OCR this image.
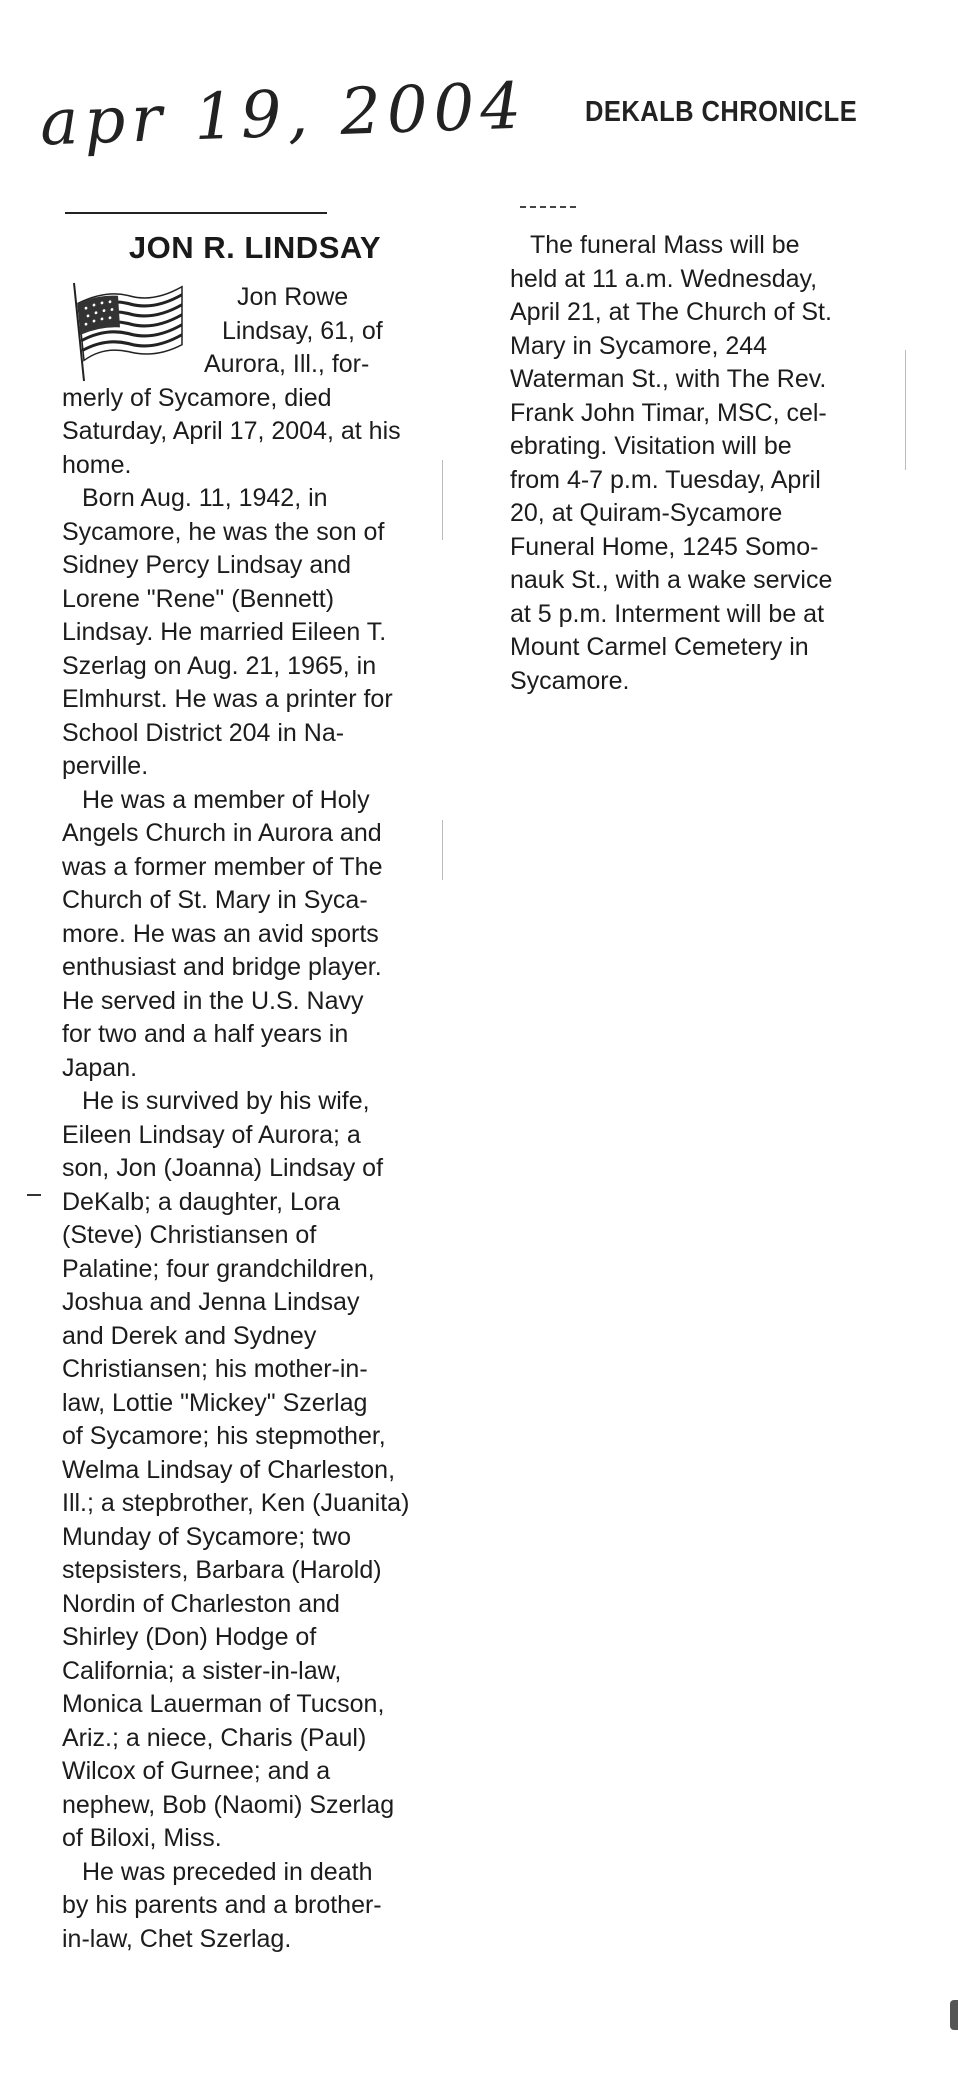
apr 19, 2004 DEKALB CHRONICLE
JON R. LINDSAY
Jon Rowe
Lindsay, 61, of
Aurora, Ill., for-
merly of Sycamore, died
Saturday, April 17, 2004, at his
home.
Born Aug. 11, 1942, in
Sycamore, he was the son of
Sidney Percy Lindsay and
Lorene "Rene" (Bennett)
Lindsay. He married Eileen T.
Szerlag on Aug. 21, 1965, in
Elmhurst. He was a printer for
School District 204 in Na-
perville.
He was a member of Holy
Angels Church in Aurora and
was a former member of The
Church of St. Mary in Syca-
more. He was an avid sports
enthusiast and bridge player.
He served in the U.S. Navy
for two and a half years in
Japan.
He is survived by his wife,
Eileen Lindsay of Aurora; a
son, Jon (Joanna) Lindsay of
DeKalb; a daughter, Lora
(Steve) Christiansen of
Palatine; four grandchildren,
Joshua and Jenna Lindsay
and Derek and Sydney
Christiansen; his mother-in-
law, Lottie "Mickey" Szerlag
of Sycamore; his stepmother,
Welma Lindsay of Charleston,
Ill.; a stepbrother, Ken (Juanita)
Munday of Sycamore; two
stepsisters, Barbara (Harold)
Nordin of Charleston and
Shirley (Don) Hodge of
California; a sister-in-law,
Monica Lauerman of Tucson,
Ariz.; a niece, Charis (Paul)
Wilcox of Gurnee; and a
nephew, Bob (Naomi) Szerlag
of Biloxi, Miss.
He was preceded in death
by his parents and a brother-
in-law, Chet Szerlag.
The funeral Mass will be
held at 11 a.m. Wednesday,
April 21, at The Church of St.
Mary in Sycamore, 244
Waterman St., with The Rev.
Frank John Timar, MSC, cel-
ebrating. Visitation will be
from 4-7 p.m. Tuesday, April
20, at Quiram-Sycamore
Funeral Home, 1245 Somo-
nauk St., with a wake service
at 5 p.m. Interment will be at
Mount Carmel Cemetery in
Sycamore.
